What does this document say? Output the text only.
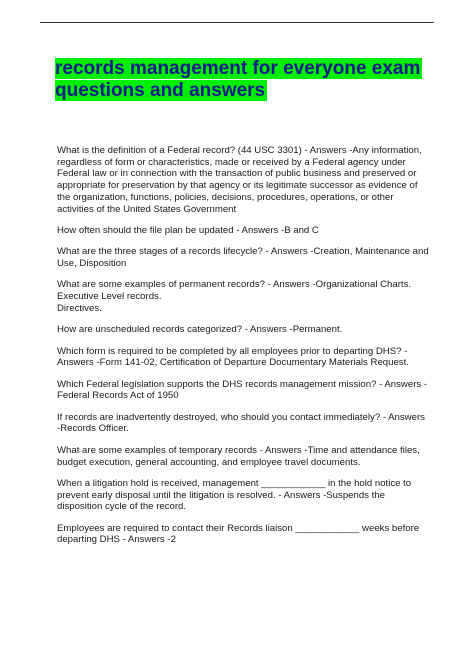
records management for everyone exam
questions and answers
What is the definition of a Federal record? (44 USC 3301) - Answers -Any information,
regardless of form or characteristics, made or received by a Federal agency under
Federal law or in connection with the transaction of public business and preserved or
appropriate for preservation by that agency or its legitimate successor as evidence of
the organization, functions, policies, decisions, procedures, operations, or other
activities of the United States Government
How often should the file plan be updated - Answers -B and C
What are the three stages of a records lifecycle? - Answers -Creation, Maintenance and
Use, Disposition
What are some examples of permanent records? - Answers -Organizational Charts.
Executive Level records.
Directives.
How are unscheduled records categorized? - Answers -Permanent.
Which form is required to be completed by all employees prior to departing DHS? -
Answers -Form 141-02, Certification of Departure Documentary Materials Request.
Which Federal legislation supports the DHS records management mission? - Answers -
Federal Records Act of 1950
If records are inadvertently destroyed, who should you contact immediately? - Answers
-Records Officer.
What are some examples of temporary records - Answers -Time and attendance files,
budget execution, general accounting, and employee travel documents.
When a litigation hold is received, management ____________ in the hold notice to
prevent early disposal until the litigation is resolved. - Answers -Suspends the
disposition cycle of the record.
Employees are required to contact their Records liaison ____________ weeks before
departing DHS - Answers -2
